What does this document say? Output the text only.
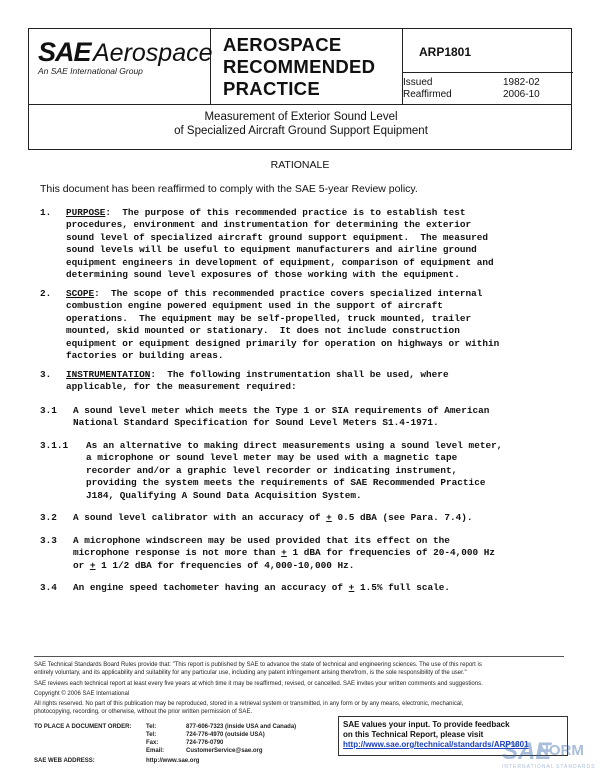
SAE Aerospace
An SAE International Group
AEROSPACE
RECOMMENDED
PRACTICE
ARP1801
Issued	1982-02
Reaffirmed	2006-10
Measurement of Exterior Sound Level
of Specialized Aircraft Ground Support Equipment
RATIONALE
This document has been reaffirmed to comply with the SAE 5-year Review policy.
1. PURPOSE:  The purpose of this recommended practice is to establish test
procedures, environment and instrumentation for determining the exterior
sound level of specialized aircraft ground support equipment.  The measured
sound levels will be useful to equipment manufacturers and airline ground
equipment engineers in development of equipment, comparison of equipment and
determining sound level exposures of those working with the equipment.
2. SCOPE:  The scope of this recommended practice covers specialized internal
combustion engine powered equipment used in the support of aircraft
operations.  The equipment may be self-propelled, truck mounted, trailer
mounted, skid mounted or stationary.  It does not include construction
equipment or equipment designed primarily for operation on highways or within
factories or building areas.
3. INSTRUMENTATION:  The following instrumentation shall be used, where
applicable, for the measurement required:
3.1 A sound level meter which meets the Type 1 or SIA requirements of American
National Standard Specification for Sound Level Meters S1.4-1971.
3.1.1 As an alternative to making direct measurements using a sound level meter,
a microphone or sound level meter may be used with a magnetic tape
recorder and/or a graphic level recorder or indicating instrument,
providing the system meets the requirements of SAE Recommended Practice
J184, Qualifying A Sound Data Acquisition System.
3.2 A sound level calibrator with an accuracy of + 0.5 dBA (see Para. 7.4).
3.3 A microphone windscreen may be used provided that its effect on the
microphone response is not more than + 1 dBA for frequencies of 20-4,000 Hz
or + 1 1/2 dBA for frequencies of 4,000-10,000 Hz.
3.4 An engine speed tachometer having an accuracy of + 1.5% full scale.
SAE Technical Standards Board Rules provide that: "This report is published by SAE to advance the state of technical and engineering sciences. The use of this report is
entirely voluntary, and its applicability and suitability for any particular use, including any patent infringement arising therefrom, is the sole responsibility of the user."
SAE reviews each technical report at least every five years at which time it may be reaffirmed, revised, or cancelled. SAE invites your written comments and suggestions.
Copyright © 2006 SAE International
All rights reserved. No part of this publication may be reproduced, stored in a retrieval system or transmitted, in any form or by any means, electronic, mechanical,
photocopying, recording, or otherwise, without the prior written permission of SAE.
TO PLACE A DOCUMENT ORDER: Tel:	877-606-7323 (inside USA and Canada)
Tel:	724-776-4970 (outside USA)
Fax:	724-776-0790
Email:	CustomerService@sae.org
SAE WEB ADDRESS:	http://www.sae.org
SAE values your input. To provide feedback
on this Technical Report, please visit
http://www.sae.org/technical/standards/ARP1801
SAE
NORM
INTERNATIONAL STANDARDS
